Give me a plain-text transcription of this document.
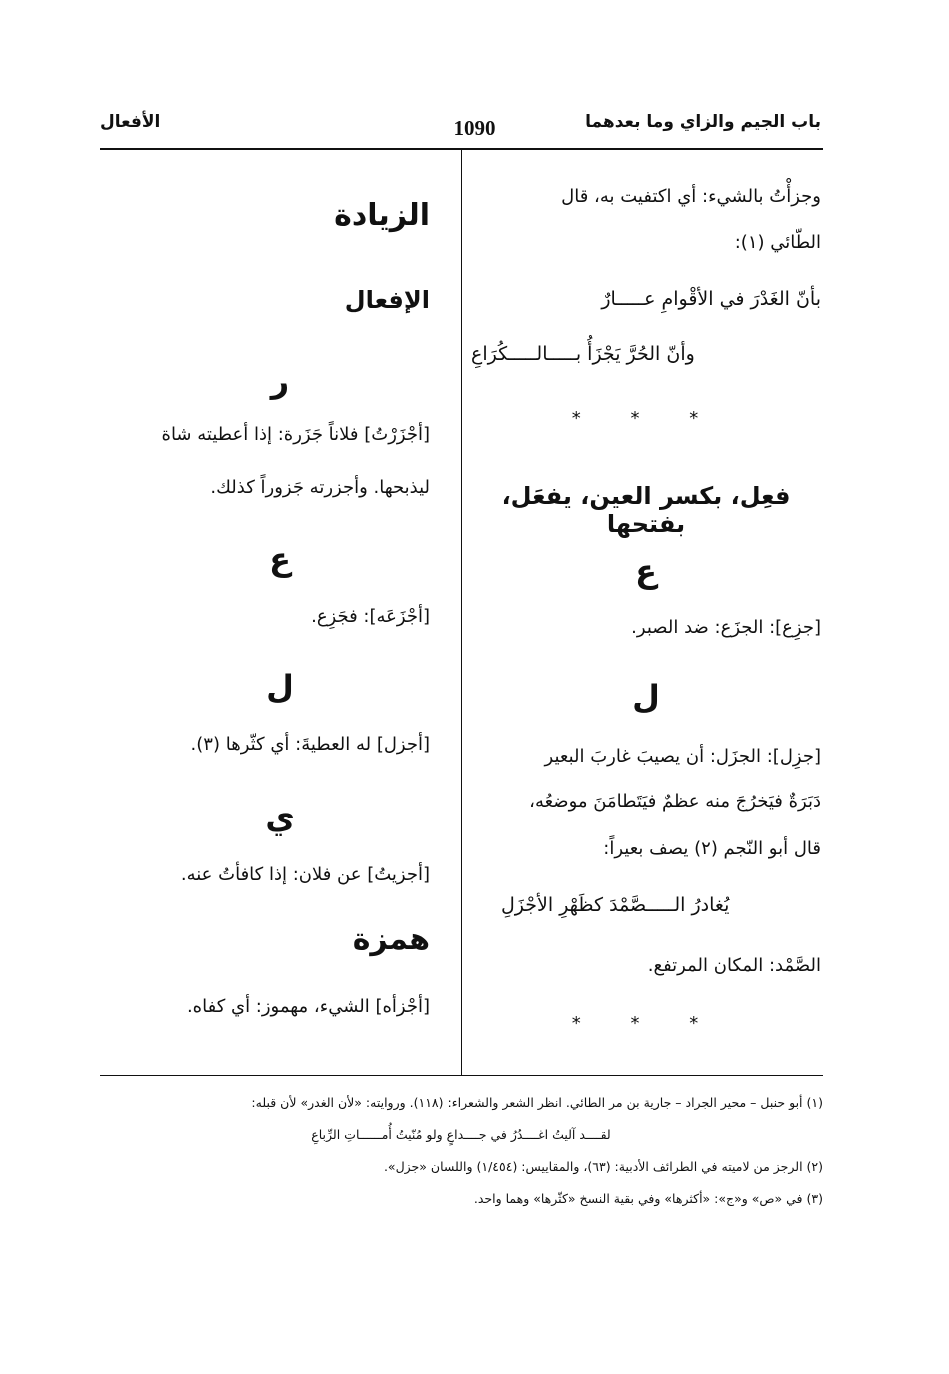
باب الجيم والزاي وما بعدهما
1090
الأفعال
وجزأْتُ بالشيء: أي اكتفيت به، قال
الطّائي (١):
بأنّ الغَدْرَ في الأقْوامِ عـــــارٌ
وأنّ الحُرَّ يَجْزَأُ بـــــالـــــكُرَاعِ
* * *
فعِل، بكسر العين، يفعَل، بفتحها
ع
[جزِع]: الجزَع: ضد الصبر.
ل
[جزِل]: الجزَل: أن يصيبَ غاربَ البعير
دَبَرَةٌ فيَخرُجَ منه عظمٌ فيَتَطامَنَ موضعُه،
قال أبو النّجم (٢) يصف بعيراً:
يُغادرُ الـــــصَّمْدَ كظَهْرِ الأجْزَلِ
الصَّمْد: المكان المرتفع.
* * *
الزيادة
الإفعال
ر
[أجْزَرْتُ] فلاناً جَزَرة: إذا أعطيته شاة
ليذبحها. وأجزرته جَزوراً كذلك.
ع
[أجْزَعَه]: فجَزِع.
ل
[أجزل] له العطيةَ: أي كثّرها (٣).
ي
[أجزيتُ] عن فلان: إذا كافأتُ عنه.
همزة
[أجْزأه] الشيء، مهموز: أي كفاه.
(١) أبو حنبل – محير الجراد – جارية بن مر الطائي. انظر الشعر والشعراء: (١١٨). وروايته: «لأن الغدر» لأن قبله:
لقــــد آليتُ اغــــدُرُ في جــــداعٍ ولو مُنّيتُ أُمــــــاتِ الرِّباعِ
(٢) الرجز من لاميته في الطرائف الأدبية: (٦٣)، والمقاييس: (١/٤٥٤) واللسان «جزل».
(٣) في «ص» و«ج»: «أكثرها» وفي بقية النسخ «كثّرها» وهما واحد.
